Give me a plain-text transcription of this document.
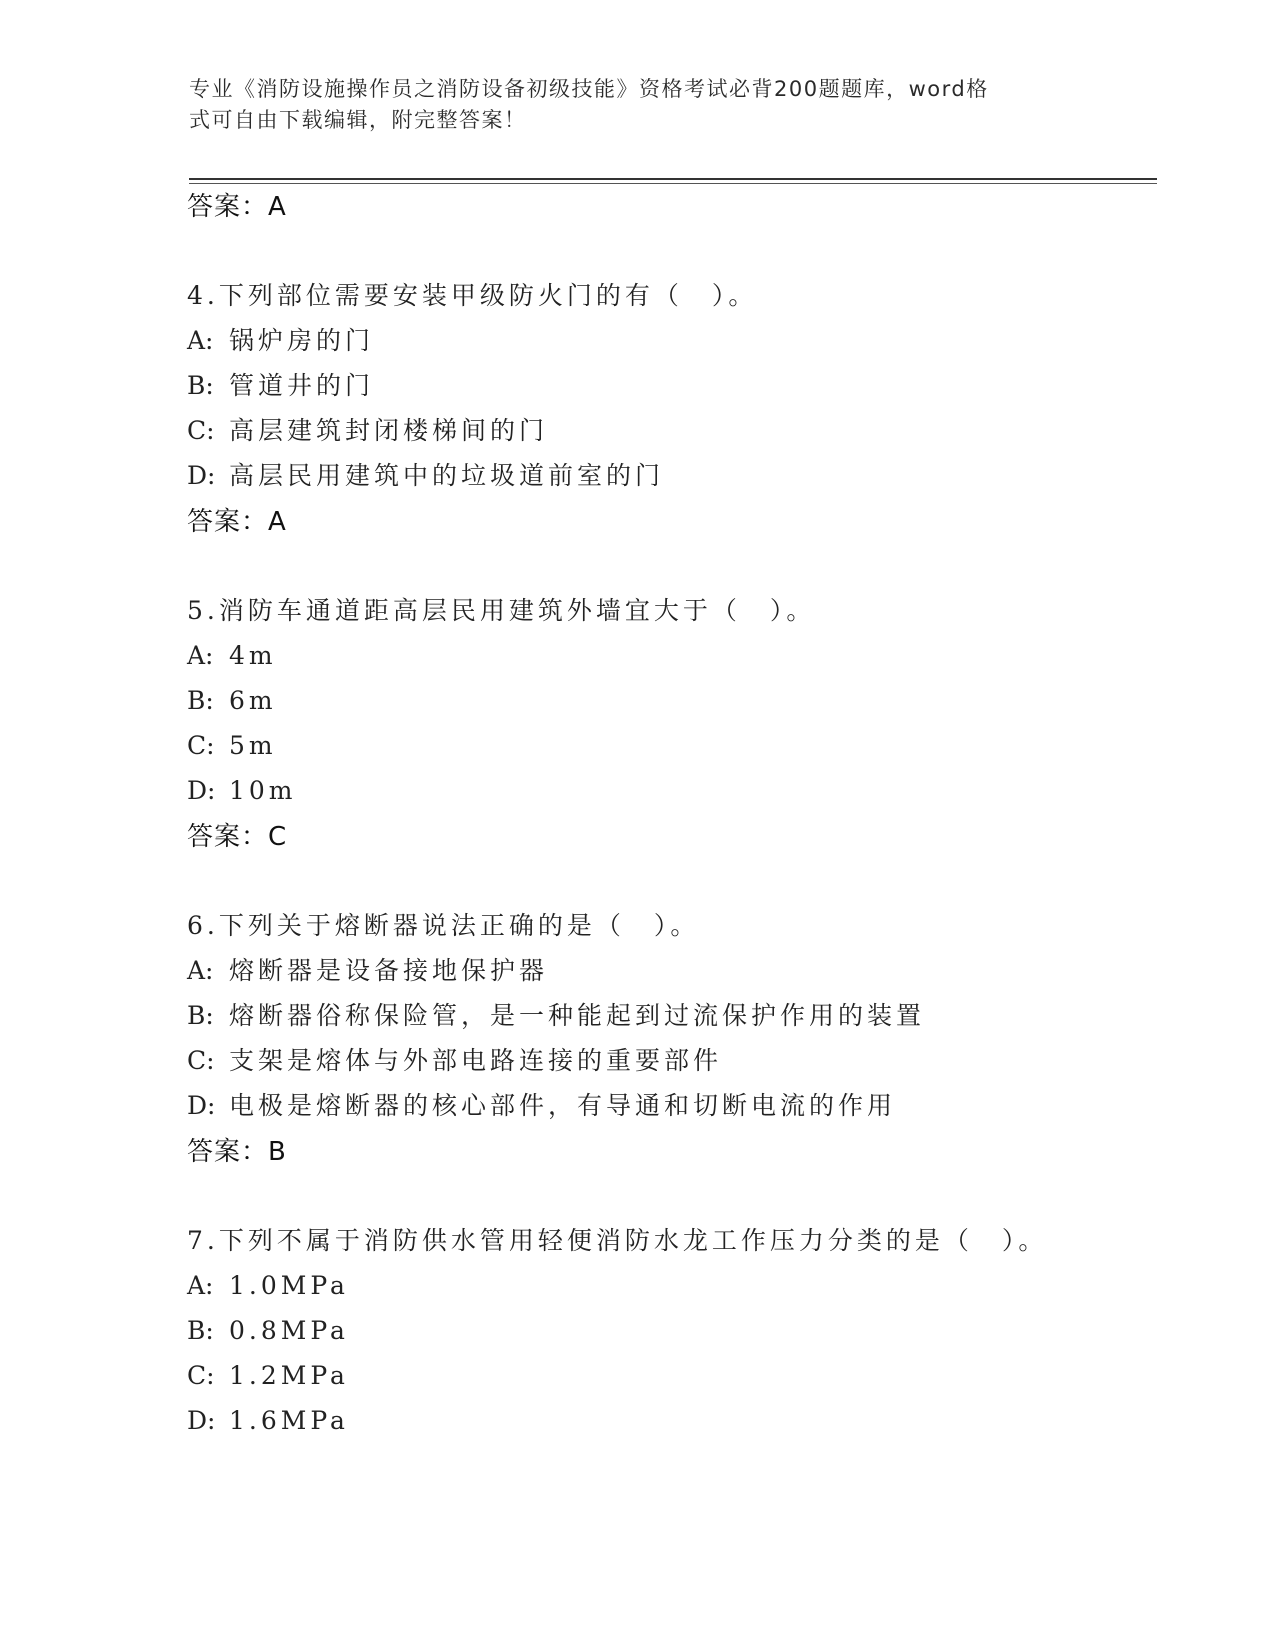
专业《消防设施操作员之消防设备初级技能》资格考试必背200题题库，word格
式可自由下载编辑，附完整答案！
答案：A
4.下列部位需要安装甲级防火门的有（　）。
A: 锅炉房的门
B: 管道井的门
C: 高层建筑封闭楼梯间的门
D: 高层民用建筑中的垃圾道前室的门
答案：A
5.消防车通道距高层民用建筑外墙宜大于（　）。
A: 4m
B: 6m
C: 5m
D: 10m
答案：C
6.下列关于熔断器说法正确的是（　）。
A: 熔断器是设备接地保护器
B: 熔断器俗称保险管，是一种能起到过流保护作用的装置
C: 支架是熔体与外部电路连接的重要部件
D: 电极是熔断器的核心部件，有导通和切断电流的作用
答案：B
7.下列不属于消防供水管用轻便消防水龙工作压力分类的是（　）。
A: 1.0MPa
B: 0.8MPa
C: 1.2MPa
D: 1.6MPa
